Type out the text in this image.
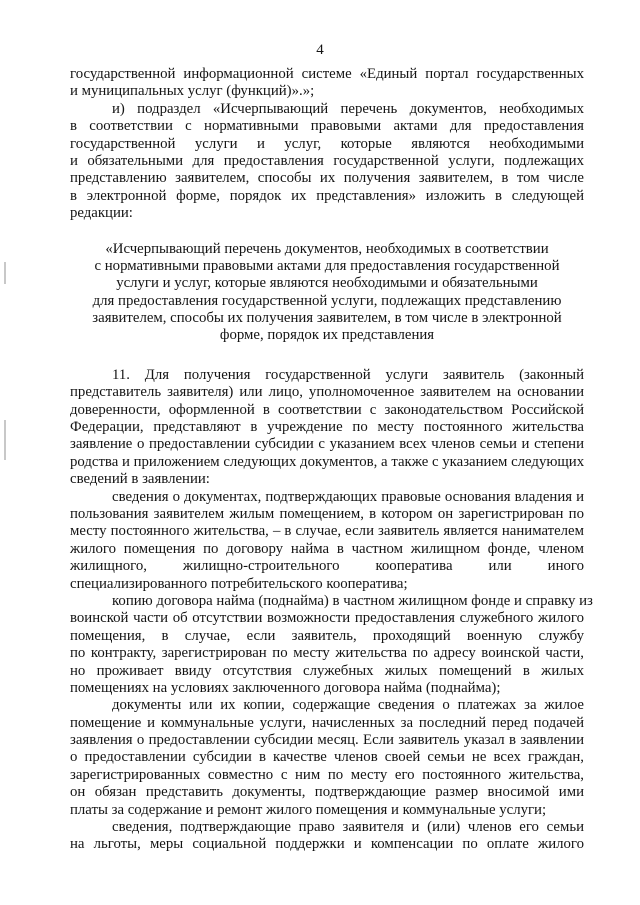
4
государственной информационной системе «Единый портал государственных
и муниципальных услуг (функций)».»;
и) подраздел «Исчерпывающий перечень документов, необходимых
в соответствии с нормативными правовыми актами для предоставления
государственной услуги и услуг, которые являются необходимыми
и обязательными для предоставления государственной услуги, подлежащих
представлению заявителем, способы их получения заявителем, в том числе
в электронной форме, порядок их представления» изложить в следующей
редакции:
«Исчерпывающий перечень документов, необходимых в соответствии
с нормативными правовыми актами для предоставления государственной
услуги и услуг, которые являются необходимыми и обязательными
для предоставления государственной услуги, подлежащих представлению
заявителем, способы их получения заявителем, в том числе в электронной
форме, порядок их представления
11. Для получения государственной услуги заявитель (законный
представитель заявителя) или лицо, уполномоченное заявителем на основании
доверенности, оформленной в соответствии с законодательством Российской
Федерации, представляют в учреждение по месту постоянного жительства
заявление о предоставлении субсидии с указанием всех членов семьи и степени
родства и приложением следующих документов, а также с указанием следующих
сведений в заявлении:
сведения о документах, подтверждающих правовые основания владения и
пользования заявителем жилым помещением, в котором он зарегистрирован по
месту постоянного жительства, – в случае, если заявитель является нанимателем
жилого помещения по договору найма в частном жилищном фонде, членом
жилищного, жилищно-строительного кооператива или иного
специализированного потребительского кооператива;
копию договора найма (поднайма) в частном жилищном фонде и справку из
воинской части об отсутствии возможности предоставления служебного жилого
помещения, в случае, если заявитель, проходящий военную службу
по контракту, зарегистрирован по месту жительства по адресу воинской части,
но проживает ввиду отсутствия служебных жилых помещений в жилых
помещениях на условиях заключенного договора найма (поднайма);
документы или их копии, содержащие сведения о платежах за жилое
помещение и коммунальные услуги, начисленных за последний перед подачей
заявления о предоставлении субсидии месяц. Если заявитель указал в заявлении
о предоставлении субсидии в качестве членов своей семьи не всех граждан,
зарегистрированных совместно с ним по месту его постоянного жительства,
он обязан представить документы, подтверждающие размер вносимой ими
платы за содержание и ремонт жилого помещения и коммунальные услуги;
сведения, подтверждающие право заявителя и (или) членов его семьи
на льготы, меры социальной поддержки и компенсации по оплате жилого
